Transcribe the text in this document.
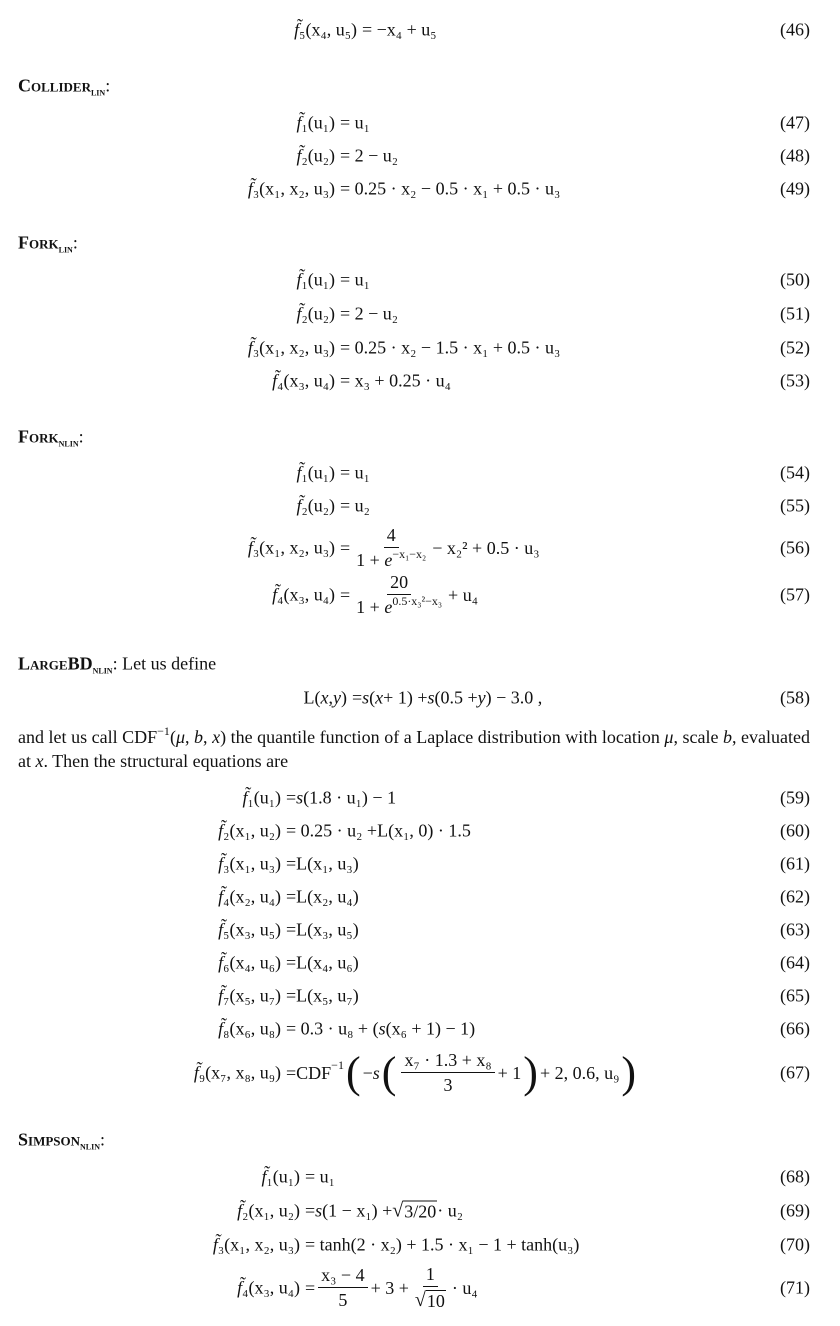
f̃ ₅(x₄, u₅) = −x₄ + u₅	(46)
Collider$_{lin}$:
f̃ ₁(u₁) = u₁	(47)
f̃ ₂(u₂) = 2 − u₂	(48)
f̃ ₃(x₁, x₂, u₃) = 0.25 · x₂ − 0.5 · x₁ + 0.5 · u₃	(49)
Fork$_{lin}$:
f̃ ₁(u₁) = u₁	(50)
f̃ ₂(u₂) = 2 − u₂	(51)
f̃ ₃(x₁, x₂, u₃) = 0.25 · x₂ − 1.5 · x₁ + 0.5 · u₃	(52)
f̃ ₄(x₃, u₄) = x₃ + 0.25 · u₄	(53)
Fork$_{nlin}$:
f̃ ₁(u₁) = u₁	(54)
f̃ ₂(u₂) = u₂	(55)
f̃ ₃(x₁, x₂, $u_3) = \frac{4}{1 + e^{-x_1-x_2}} - x_2^2 + 0.5 \cdot u_3$	(56)
f̃ ₄(x₃, $u_4) = \frac{20}{1 + e^{0.5\cdot x_3^2-x_3}} + u_4$	(57)
LargeBD$_{nlin}$: Let us define
L ( x , y ) = s ( x + 1) + s (0.5 + y ) − 3.0 ,	(58)
and let us call $CDF^{-1}(\mu$, b, x) the quantile function of a Laplace distribution with location μ, scale b, evaluated at x. Then the structural equations are
f̃ ₁(u₁) = s (1.8 · u₁) − 1	(59)
f̃ ₂(x₁, u₂) = 0.25 · u₂ + L (x₁, 0) · 1.5	(60)
f̃ ₃(x₁, u₃) = L (x₁, u₃)	(61)
f̃ ₄(x₂, u₄) = L (x₂, u₄)	(62)
f̃ ₅(x₃, u₅) = L (x₃, u₅)	(63)
f̃ ₆(x₄, u₆) = L (x₄, u₆)	(64)
f̃ ₇(x₅, u₇) = L (x₅, u₇)	(65)
f̃ ₈(x₆, u₈) = 0.3 · u₈ + ( s (x₆ + 1) − 1)	(66)
f̃ ₉(x₇, x₈, u₉) = CDF −1 ( − s ( $\frac{\text{x₇ · 1.3 + x₈}}{3} + 1$ ) + 2, 0.6, u₉ )	(67)
Simpson$_{nlin}$:
f̃ ₁(u₁) = u₁	(68)
f̃ ₂(x₁, u₂) = s (1 − x₁) + √ 3/20 · u₂	(69)
f̃ ₃(x₁, x₂, u₃) = tanh(2 · x₂) + 1.5 · x₁ − 1 + tanh(u₃)	(70)
f̃ ₄(x₃, $u_4) = \frac{\text{x₃ − 4}}{5} + 3 + \frac{1}{√ 10} \cdot u_4$	(71)
